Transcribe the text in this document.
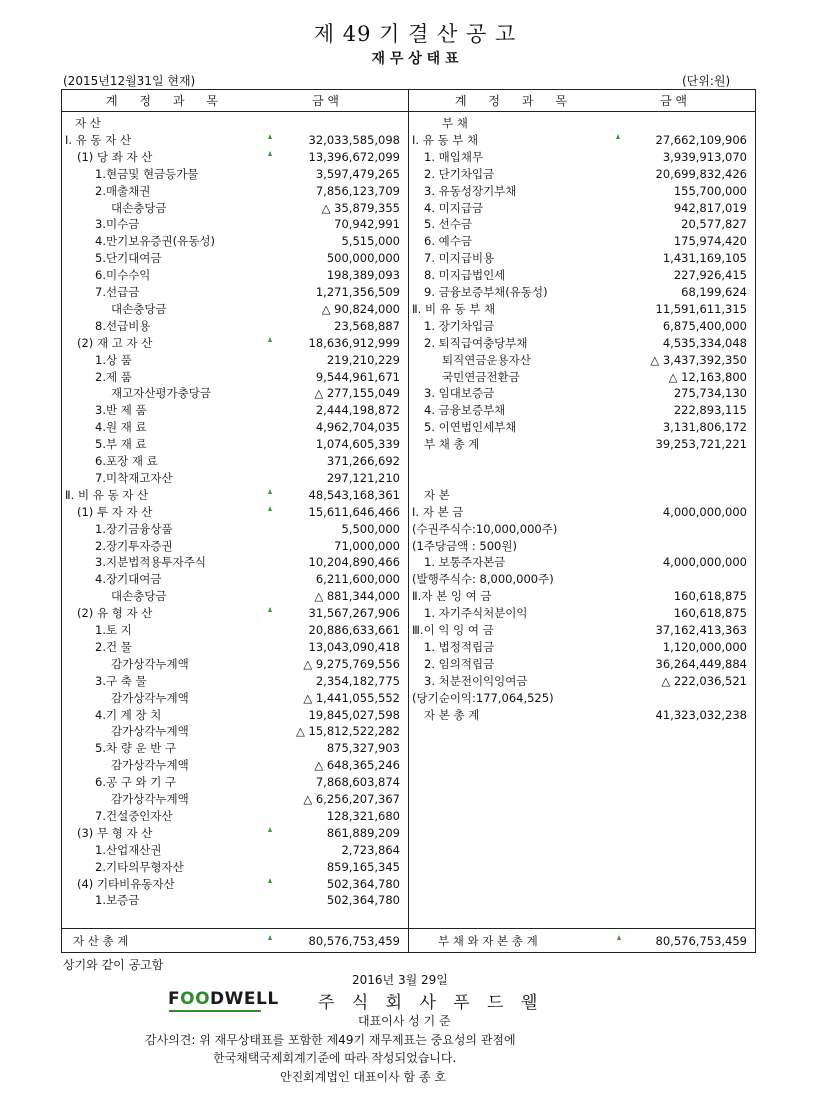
제 49 기 결 산 공 고
재 무 상 태 표
(2015년12월31일 현재)	(단위:원)
계 정 과 목	금 액	계 정 과 목	금 액
자 산
Ⅰ. 유 동 자 산	32,033,585,098
(1) 당 좌 자 산	13,396,672,099
1.현금및 현금등가물	3,597,479,265
2.매출채권	7,856,123,709
대손충당금	△ 35,879,355
3.미수금	70,942,991
4.만기보유증권(유동성)	5,515,000
5.단기대여금	500,000,000
6.미수수익	198,389,093
7.선급금	1,271,356,509
대손충당금	△ 90,824,000
8.선급비용	23,568,887
(2) 재 고 자 산	18,636,912,999
1.상 품	219,210,229
2.제 품	9,544,961,671
재고자산평가충당금	△ 277,155,049
3.반 제 품	2,444,198,872
4.원 재 료	4,962,704,035
5.부 재 료	1,074,605,339
6.포장 재 료	371,266,692
7.미착재고자산	297,121,210
Ⅱ. 비 유 동 자 산	48,543,168,361
(1) 투 자 자 산	15,611,646,466
1.장기금융상품	5,500,000
2.장기투자증권	71,000,000
3.지분법적용투자주식	10,204,890,466
4.장기대여금	6,211,600,000
대손충당금	△ 881,344,000
(2) 유 형 자 산	31,567,267,906
1.토 지	20,886,633,661
2.건 물	13,043,090,418
감가상각누계액	△ 9,275,769,556
3.구 축 물	2,354,182,775
감가상각누계액	△ 1,441,055,552
4.기 계 장 치	19,845,027,598
감가상각누계액	△ 15,812,522,282
5.차 량 운 반 구	875,327,903
감가상각누계액	△ 648,365,246
6.공 구 와 기 구	7,868,603,874
감가상각누계액	△ 6,256,207,367
7.건설중인자산	128,321,680
(3) 무 형 자 산	861,889,209
1.산업재산권	2,723,864
2.기타의무형자산	859,165,345
(4) 기타비유동자산	502,364,780
1.보증금	502,364,780
부 채
Ⅰ. 유 동 부 채	27,662,109,906
1. 매입채무	3,939,913,070
2. 단기차입금	20,699,832,426
3. 유동성장기부채	155,700,000
4. 미지급금	942,817,019
5. 선수금	20,577,827
6. 예수금	175,974,420
7. 미지급비용	1,431,169,105
8. 미지급법인세	227,926,415
9. 금융보증부채(유동성)	68,199,624
Ⅱ. 비 유 동 부 채	11,591,611,315
1. 장기차입금	6,875,400,000
2. 퇴직급여충당부채	4,535,334,048
퇴직연금운용자산	△ 3,437,392,350
국민연금전환금	△ 12,163,800
3. 임대보증금	275,734,130
4. 금융보증부채	222,893,115
5. 이연법인세부채	3,131,806,172
부 채 총 계	39,253,721,221
자 본
Ⅰ. 자 본 금	4,000,000,000
(수권주식수:10,000,000주)
(1주당금액 : 500원)
1. 보통주자본금	4,000,000,000
(발행주식수: 8,000,000주)
Ⅱ.자 본 잉 여 금	160,618,875
1. 자기주식처분이익	160,618,875
Ⅲ.이 익 잉 여 금	37,162,413,363
1. 법정적립금	1,120,000,000
2. 임의적립금	36,264,449,884
3. 처분전이익잉여금	△ 222,036,521
(당기순이익:177,064,525)
자 본 총 계	41,323,032,238
자 산 총 계	80,576,753,459	부 채 와 자 본 총 계	80,576,753,459
상기와 같이 공고함
2016년 3월 29일
FOODWELL 주 식 회 사 푸 드 웰
대표이사 성 기 준
감사의견: 위 재무상태표를 포함한 제49기 재무제표는 중요성의 관점에
한국채택국제회계기준에 따라 작성되었습니다.
안진회계법인 대표이사 함 종 호
